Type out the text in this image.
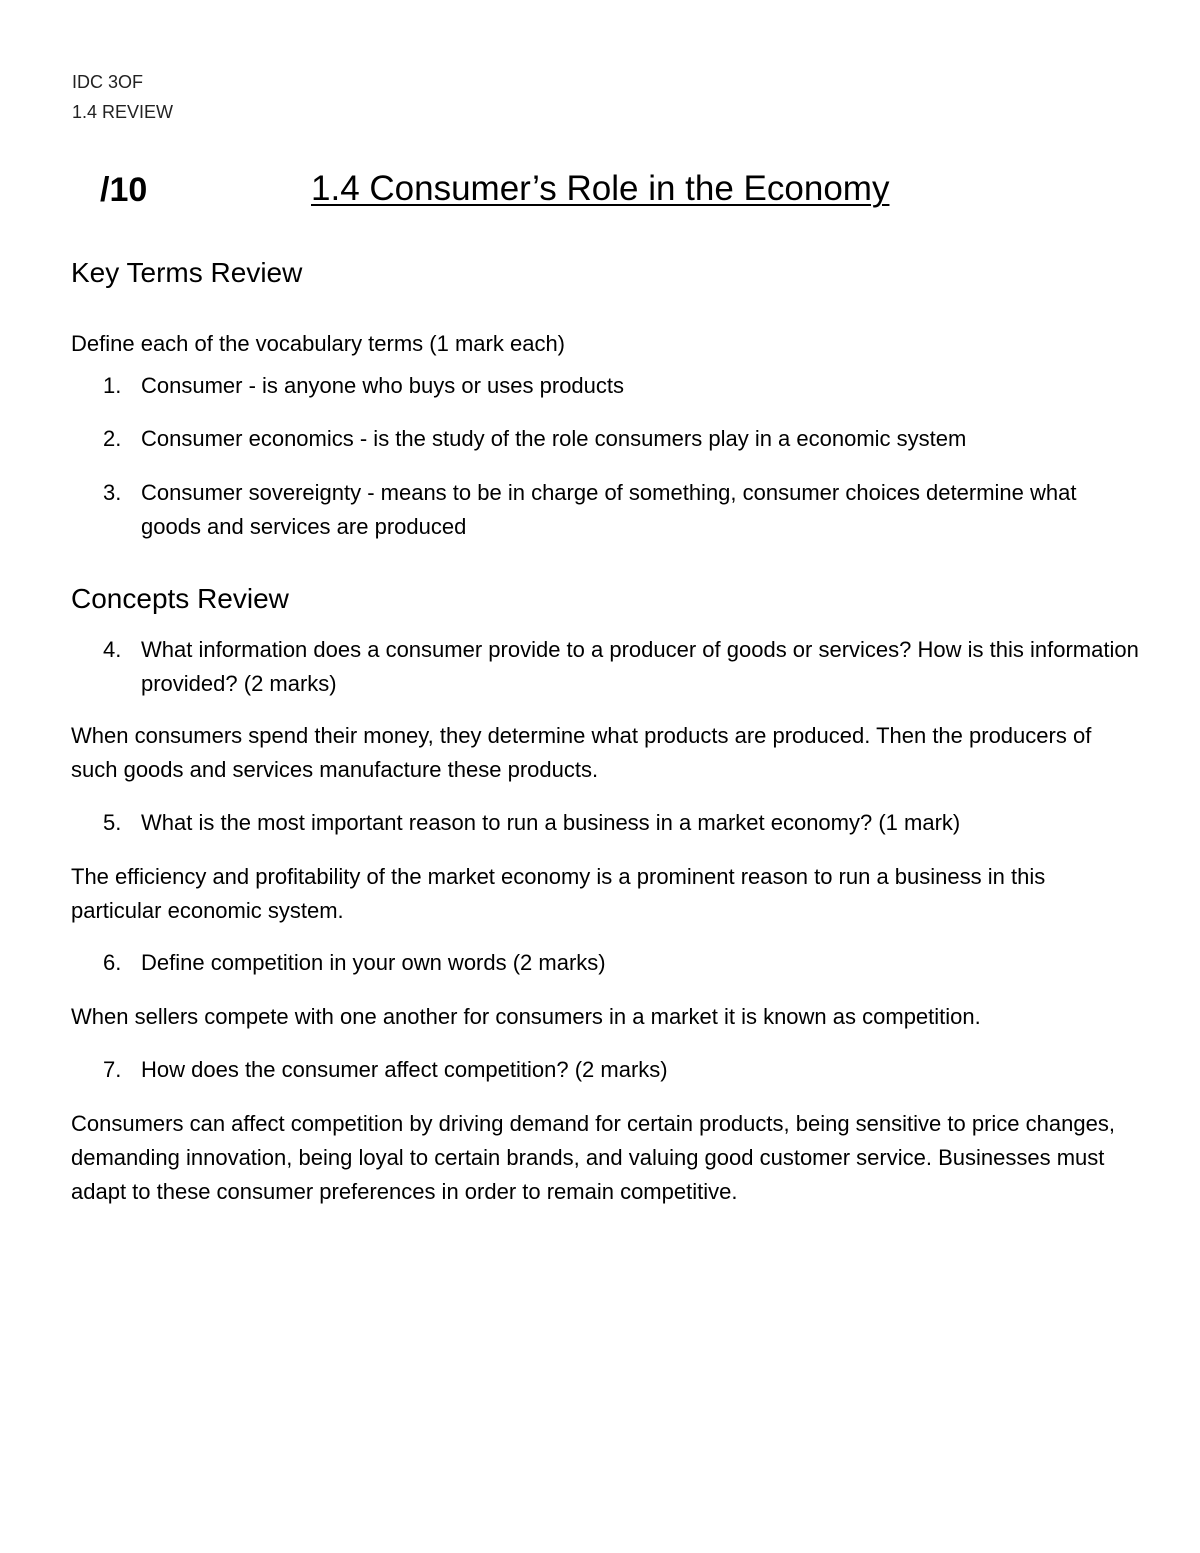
IDC 3OF
1.4 REVIEW
/10	1.4 Consumer’s Role in the Economy
Key Terms Review
Define each of the vocabulary terms (1 mark each)
1. Consumer - is anyone who buys or uses products
2. Consumer economics - is the study of the role consumers play in a economic system
3. Consumer sovereignty - means to be in charge of something, consumer choices determine what goods and services are produced
Concepts Review
4. What information does a consumer provide to a producer of goods or services? How is this information provided? (2 marks)
When consumers spend their money, they determine what products are produced. Then the producers of such goods and services manufacture these products.
5. What is the most important reason to run a business in a market economy? (1 mark)
The efficiency and profitability of the market economy is a prominent reason to run a business in this particular economic system.
6. Define competition in your own words (2 marks)
When sellers compete with one another for consumers in a market it is known as competition.
7. How does the consumer affect competition? (2 marks)
Consumers can affect competition by driving demand for certain products, being sensitive to price changes, demanding innovation, being loyal to certain brands, and valuing good customer service. Businesses must adapt to these consumer preferences in order to remain competitive.
